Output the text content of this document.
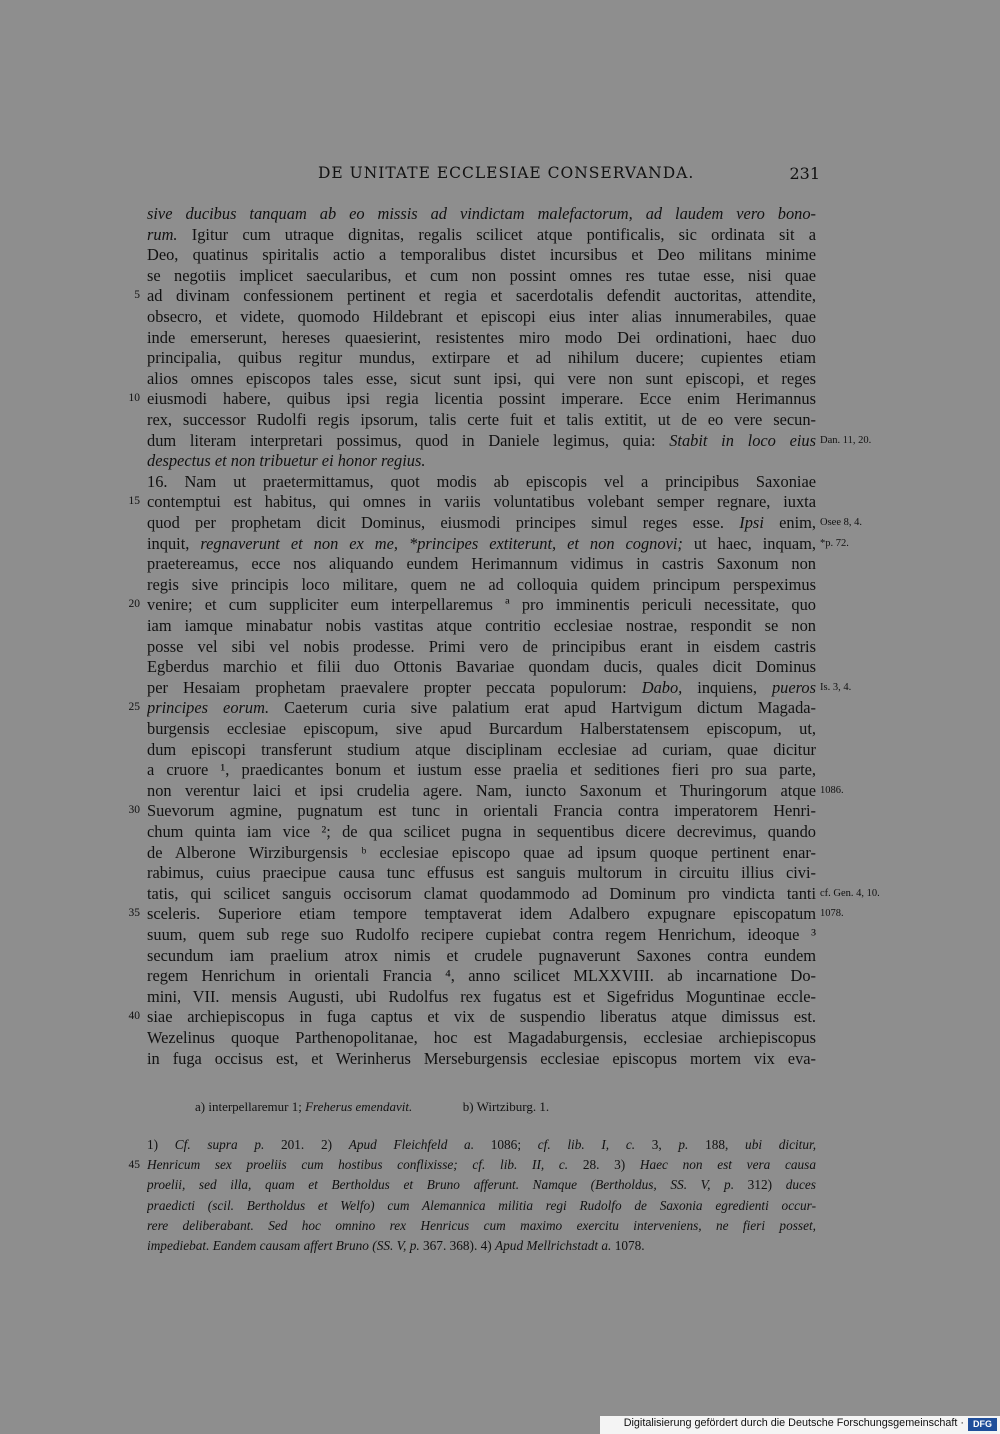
DE UNITATE ECCLESIAE CONSERVANDA.	231
sive ducibus tanquam ab eo missis ad vindictam malefactorum, ad laudem vero bono-
rum. Igitur cum utraque dignitas, regalis scilicet atque pontificalis, sic ordinata sit a
Deo, quatinus spiritalis actio a temporalibus distet incursibus et Deo militans minime
se negotiis implicet saecularibus, et cum non possint omnes res tutae esse, nisi quae
ad divinam confessionem pertinent et regia et sacerdotalis defendit auctoritas, attendite,
5
obsecro, et videte, quomodo Hildebrant et episcopi eius inter alias innumerabiles, quae
inde emerserunt, hereses quaesierint, resistentes miro modo Dei ordinationi, haec duo
principalia, quibus regitur mundus, extirpare et ad nihilum ducere; cupientes etiam
alios omnes episcopos tales esse, sicut sunt ipsi, qui vere non sunt episcopi, et reges
eiusmodi habere, quibus ipsi regia licentia possint imperare. Ecce enim Herimannus
10
rex, successor Rudolfi regis ipsorum, talis certe fuit et talis extitit, ut de eo vere secun-
dum literam interpretari possimus, quod in Daniele legimus, quia: Stabit in loco eius Dan. 11, 20.
despectus et non tribuetur ei honor regius.
16. Nam ut praetermittamus, quot modis ab episcopis vel a principibus Saxoniae
contemptui est habitus, qui omnes in variis voluntatibus volebant semper regnare, iuxta
15
quod per prophetam dicit Dominus, eiusmodi principes simul reges esse. Ipsi enim, Osee 8, 4.
inquit, regnaverunt et non ex me, *principes extiterunt, et non cognovi; ut haec, inquam, *p. 72.
praetereamus, ecce nos aliquando eundem Herimannum vidimus in castris Saxonum non
regis sive principis loco militare, quem ne ad colloquia quidem principum perspeximus
venire; et cum suppliciter eum interpellaremus ª pro imminentis periculi necessitate, quo
20
iam iamque minabatur nobis vastitas atque contritio ecclesiae nostrae, respondit se non
posse vel sibi vel nobis prodesse. Primi vero de principibus erant in eisdem castris
Egberdus marchio et filii duo Ottonis Bavariae quondam ducis, quales dicit Dominus
per Hesaiam prophetam praevalere propter peccata populorum: Dabo, inquiens, pueros Is. 3, 4.
principes eorum. Caeterum curia sive palatium erat apud Hartvigum dictum Magada-
25
burgensis ecclesiae episcopum, sive apud Burcardum Halberstatensem episcopum, ut,
dum episcopi transferunt studium atque disciplinam ecclesiae ad curiam, quae dicitur
a cruore ¹, praedicantes bonum et iustum esse praelia et seditiones fieri pro sua parte,
non verentur laici et ipsi crudelia agere. Nam, iuncto Saxonum et Thuringorum atque 1086.
Suevorum agmine, pugnatum est tunc in orientali Francia contra imperatorem Henri-
30
chum quinta iam vice ²; de qua scilicet pugna in sequentibus dicere decrevimus, quando
de Alberone Wirziburgensis ᵇ ecclesiae episcopo quae ad ipsum quoque pertinent enar-
rabimus, cuius praecipue causa tunc effusus est sanguis multorum in circuitu illius civi-
tatis, qui scilicet sanguis occisorum clamat quodammodo ad Dominum pro vindicta tanti cf. Gen. 4, 10.
sceleris. Superiore etiam tempore temptaverat idem Adalbero expugnare episcopatum
35	1078.
suum, quem sub rege suo Rudolfo recipere cupiebat contra regem Henrichum, ideoque ³
secundum iam praelium atrox nimis et crudele pugnaverunt Saxones contra eundem
regem Henrichum in orientali Francia ⁴, anno scilicet MLXXVIII. ab incarnatione Do-
mini, VII. mensis Augusti, ubi Rudolfus rex fugatus est et Sigefridus Moguntinae eccle-
siae archiepiscopus in fuga captus et vix de suspendio liberatus atque dimissus est.
40
Wezelinus quoque Parthenopolitanae, hoc est Magadaburgensis, ecclesiae archiepiscopus
in fuga occisus est, et Werinherus Merseburgensis ecclesiae episcopus mortem vix eva-
a) interpellaremur 1; Freherus emendavit.	b) Wirtziburg. 1.
1) Cf. supra p. 201. 2) Apud Fleichfeld a. 1086; cf. lib. I, c. 3, p. 188, ubi dicitur,
Henricum sex proeliis cum hostibus conflixisse; cf. lib. II, c. 28. 3) Haec non est vera causa
45
proelii, sed illa, quam et Bertholdus et Bruno afferunt. Namque (Bertholdus, SS. V, p. 312) duces
praedicti (scil. Bertholdus et Welfo) cum Alemannica militia regi Rudolfo de Saxonia egredienti occur-
rere deliberabant. Sed hoc omnino rex Henricus cum maximo exercitu interveniens, ne fieri posset,
impediebat. Eandem causam affert Bruno (SS. V, p. 367. 368). 4) Apud Mellrichstadt a. 1078.
Digitalisierung gefördert durch die Deutsche Forschungsgemeinschaft ·	DFG
